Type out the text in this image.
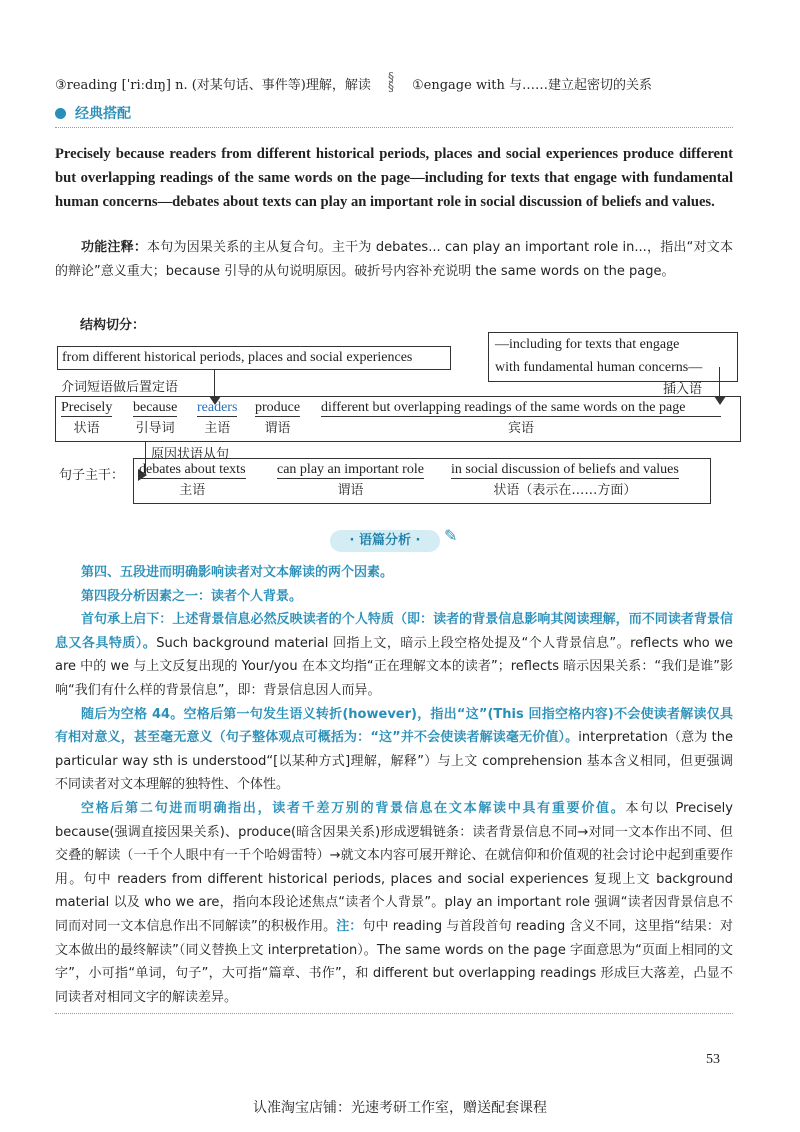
③reading [ˈriːdɪŋ] n. (对某句话、事件等)理解，解读
§
§ ①engage with 与……建立起密切的关系
经典搭配
Precisely because readers from different historical periods, places and social experiences produce different but overlapping readings of the same words on the page—including for texts that engage with fundamental human concerns—debates about texts can play an important role in social discussion of beliefs and values.
功能注释：本句为因果关系的主从复合句。主干为 debates... can play an important role in...，指出“对文本的辩论”意义重大；because 引导的从句说明原因。破折号内容补充说明 the same words on the page。
结构切分：
from different historical periods, places and social experiences
介词短语做后置定语
—including for texts that engage
with fundamental human concerns—
插入语
Precisely
状语
because
引导词
readers
主语
produce
谓语
different but overlapping readings of the same words on the page
宾语
原因状语从句
句子主干： debates about texts
主语
can play an important role
谓语
in social discussion of beliefs and values
状语（表示在……方面）
· 语篇分析 ·	✎
第四、五段进而明确影响读者对文本解读的两个因素。
第四段分析因素之一：读者个人背景。
首句承上启下：上述背景信息必然反映读者的个人特质（即：读者的背景信息影响其阅读理解，而不同读者背景信息又各具特质）。Such background material 回指上文，暗示上段空格处提及“个人背景信息”。reflects who we are 中的 we 与上文反复出现的 Your/you 在本文均指“正在理解文本的读者”；reflects 暗示因果关系：“我们是谁”影响“我们有什么样的背景信息”，即：背景信息因人而异。
随后为空格 44。空格后第一句发生语义转折(however)，指出“这”(This 回指空格内容)不会使读者解读仅具有相对意义，甚至毫无意义（句子整体观点可概括为：“这”并不会使读者解读毫无价值）。interpretation（意为 the particular way sth is understood“[以某种方式]理解，解释”）与上文 comprehension 基本含义相同，但更强调不同读者对文本理解的独特性、个体性。
空格后第二句进而明确指出，读者千差万别的背景信息在文本解读中具有重要价值。本句以 Precisely because(强调直接因果关系)、produce(暗含因果关系)形成逻辑链条：读者背景信息不同→对同一文本作出不同、但交叠的解读（一千个人眼中有一千个哈姆雷特）→就文本内容可展开辩论、在就信仰和价值观的社会讨论中起到重要作用。句中 readers from different historical periods, places and social experiences 复现上文 background material 以及 who we are，指向本段论述焦点“读者个人背景”。play an important role 强调“读者因背景信息不同而对同一文本信息作出不同解读”的积极作用。注：句中 reading 与首段首句 reading 含义不同，这里指“结果：对文本做出的最终解读”（同义替换上文 interpretation）。The same words on the page 字面意思为“页面上相同的文字”，小可指“单词，句子”，大可指“篇章、书作”，和 different but overlapping readings 形成巨大落差，凸显不同读者对相同文字的解读差异。
53
认准淘宝店铺：光速考研工作室，赠送配套课程
